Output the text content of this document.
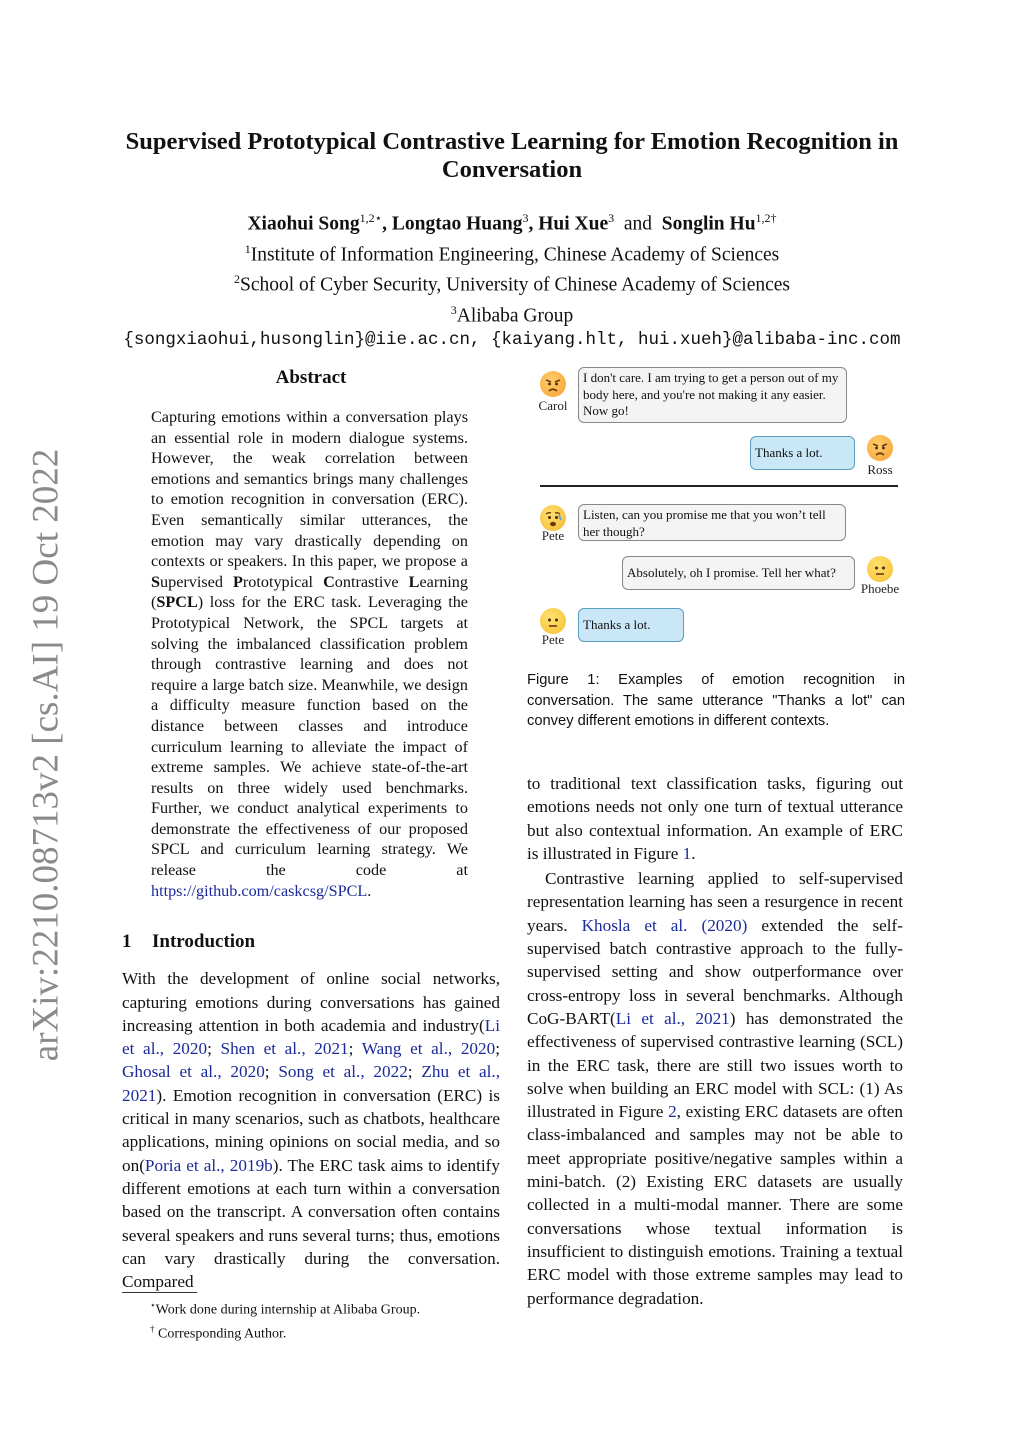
arXiv:2210.08713v2 [cs.AI] 19 Oct 2022
Supervised Prototypical Contrastive Learning for Emotion Recognition in Conversation
Xiaohui Song$^{1,2⋆}$, Longtao Huang$^3$, Hui Xue$^3$ and Songlin $Hu^{1,2\dagger}$
$^1$Institute of Information Engineering, Chinese Academy of Sciences
$^2$School of Cyber Security, University of Chinese Academy of Sciences
$^3$Alibaba Group
{songxiaohui,husonglin}@iie.ac.cn, {kaiyang.hlt, hui.xueh}@alibaba-inc.com
Abstract

Capturing emotions within a conversation plays an essential role in modern dialogue systems. However, the weak correlation between emotions and semantics brings many challenges to emotion recognition in conversation (ERC). Even semantically similar utterances, the emotion may vary drastically depending on contexts or speakers. In this paper, we propose a Supervised Prototypical Contrastive Learning (SPCL) loss for the ERC task. Leveraging the Prototypical Network, the SPCL targets at solving the imbalanced classification problem through contrastive learning and does not require a large batch size. Meanwhile, we design a difficulty measure function based on the distance between classes and introduce curriculum learning to alleviate the impact of extreme samples. We achieve state-of-the-art results on three widely used benchmarks. Further, we conduct analytical experiments to demonstrate the effectiveness of our proposed SPCL and curriculum learning strategy. We release the code at https://github.com/caskcsg/SPCL.

1 Introduction

With the development of online social networks, capturing emotions during conversations has gained increasing attention in both academia and industry(Li et al., 2020; Shen et al., 2021; Wang et al., 2020; Ghosal et al., 2020; Song et al., 2022; Zhu et al., 2021). Emotion recognition in conversation (ERC) is critical in many scenarios, such as chatbots, healthcare applications, mining opinions on social media, and so on(Poria et al., 2019b). The ERC task aims to identify different emotions at each turn within a conversation based on the transcript. A conversation often contains several speakers and runs several turns; thus, emotions can vary drastically during the conversation. Compared

⋆Work done during internship at Alibaba Group.
† Corresponding Author.
Carol
I don't care. I am trying to get a person out of my body here, and you're not making it any easier. Now go!
Thanks a lot.
Ross
Pete
Listen, can you promise me that you won’t tell her though?
Absolutely, oh I promise. Tell her what?
Phoebe
Pete
Thanks a lot.
Figure 1: Examples of emotion recognition in conversation. The same utterance "Thanks a lot" can convey different emotions in different contexts.

to traditional text classification tasks, figuring out emotions needs not only one turn of textual utterance but also contextual information. An example of ERC is illustrated in Figure 1.

Contrastive learning applied to self-supervised representation learning has seen a resurgence in recent years. Khosla et al. (2020) extended the self-supervised batch contrastive approach to the fully-supervised setting and show outperformance over cross-entropy loss in several benchmarks. Although CoG-BART(Li et al., 2021) has demonstrated the effectiveness of supervised contrastive learning (SCL) in the ERC task, there are still two issues worth to solve when building an ERC model with SCL: (1) As illustrated in Figure 2, existing ERC datasets are often class-imbalanced and samples may not be able to meet appropriate positive/negative samples within a mini-batch. (2) Existing ERC datasets are usually collected in a multi-modal manner. There are some conversations whose textual information is insufficient to distinguish emotions. Training a textual ERC model with those extreme samples may lead to performance degradation.
